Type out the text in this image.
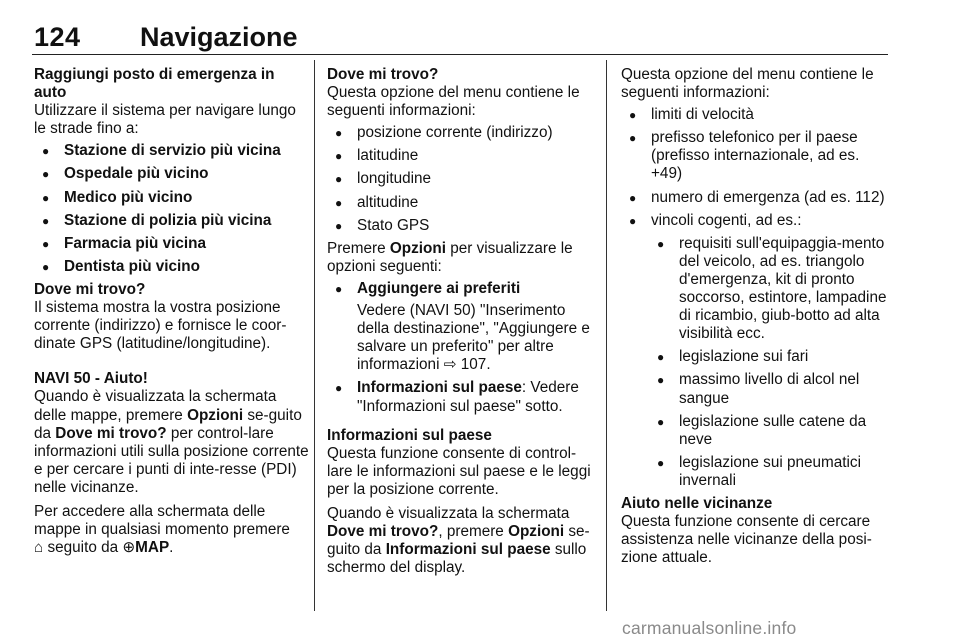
124 Navigazione

Raggiungi posto di emergenza in auto

Utilizzare il sistema per navigare lungo le strade fino a:

● Stazione di servizio più vicina
● Ospedale più vicino
● Medico più vicino
● Stazione di polizia più vicina
● Farmacia più vicina
● Dentista più vicino

Dove mi trovo?

Il sistema mostra la vostra posizione corrente (indirizzo) e fornisce le coor-dinate GPS (latitudine/longitudine).

NAVI 50 - Aiuto!

Quando è visualizzata la schermata delle mappe, premere Opzioni se-guito da Dove mi trovo? per control-lare informazioni utili sulla posizione corrente e per cercare i punti di inte-resse (PDI) nelle vicinanze.

Per accedere alla schermata delle mappe in qualsiasi momento premere
⌂ seguito da ⊕MAP.

Dove mi trovo?

Questa opzione del menu contiene le seguenti informazioni:

● posizione corrente (indirizzo)
● latitudine
● longitudine
● altitudine
● Stato GPS

Premere Opzioni per visualizzare le opzioni seguenti:

● Aggiungere ai preferiti
Vedere (NAVI 50) "Inserimento della destinazione", "Aggiungere e salvare un preferito" per altre informazioni ⇨ 107.
● Informazioni sul paese: Vedere "Informazioni sul paese" sotto.

Informazioni sul paese

Questa funzione consente di control-lare le informazioni sul paese e le leggi per la posizione corrente.

Quando è visualizzata la schermata Dove mi trovo?, premere Opzioni se-guito da Informazioni sul paese sullo schermo del display.

Questa opzione del menu contiene le seguenti informazioni:

● limiti di velocità
● prefisso telefonico per il paese (prefisso internazionale, ad es. +49)
● numero di emergenza (ad es. 112)
● vincoli cogenti, ad es.:
● requisiti sull'equipaggia-mento del veicolo, ad es. triangolo d'emergenza, kit di pronto soccorso, estintore, lampadine di ricambio, giub-botto ad alta visibilità ecc.
● legislazione sui fari
● massimo livello di alcol nel sangue
● legislazione sulle catene da neve
● legislazione sui pneumatici invernali

Aiuto nelle vicinanze

Questa funzione consente di cercare assistenza nelle vicinanze della posi-zione attuale.

carmanualsonline.info
